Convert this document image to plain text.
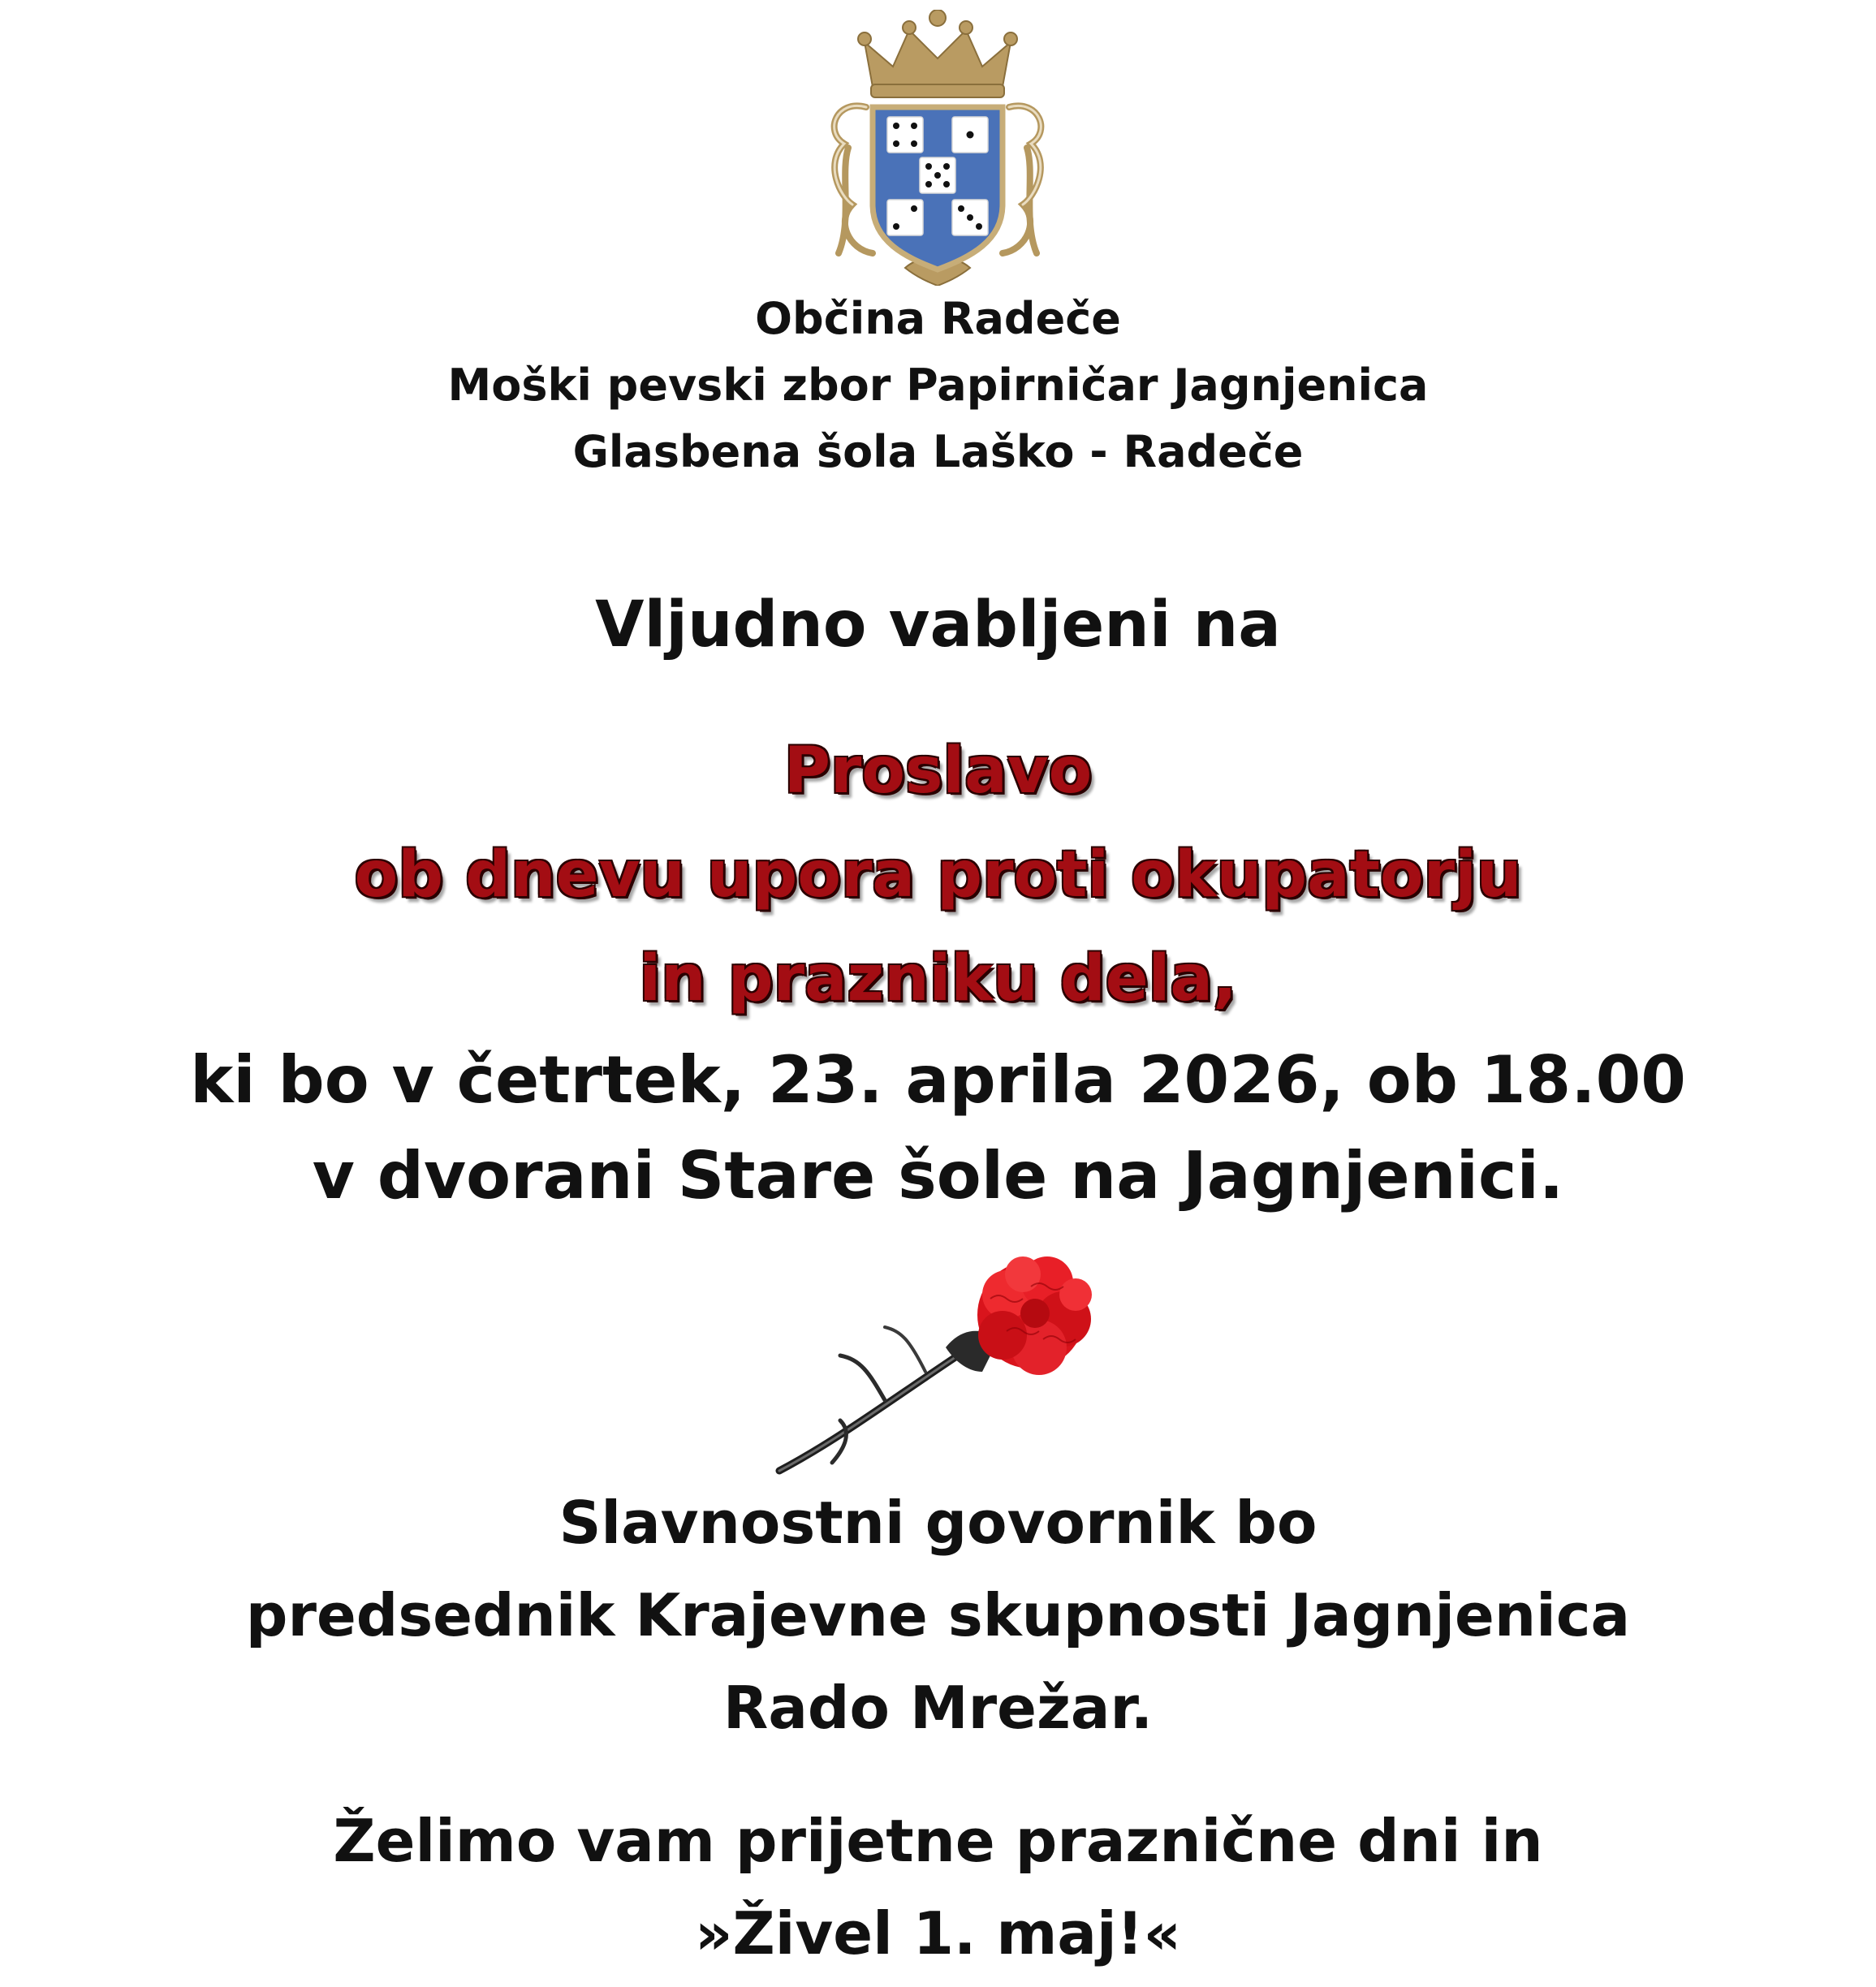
Občina Radeče
Moški pevski zbor Papirničar Jagnjenica
Glasbena šola Laško - Radeče
Vljudno vabljeni na
Proslavo
ob dnevu upora proti okupatorju
in prazniku dela,
ki bo v četrtek, 23. aprila 2026, ob 18.00
v dvorani Stare šole na Jagnjenici.
Slavnostni govornik bo
predsednik Krajevne skupnosti Jagnjenica
Rado Mrežar.
Želimo vam prijetne praznične dni in
»Živel 1. maj!«
